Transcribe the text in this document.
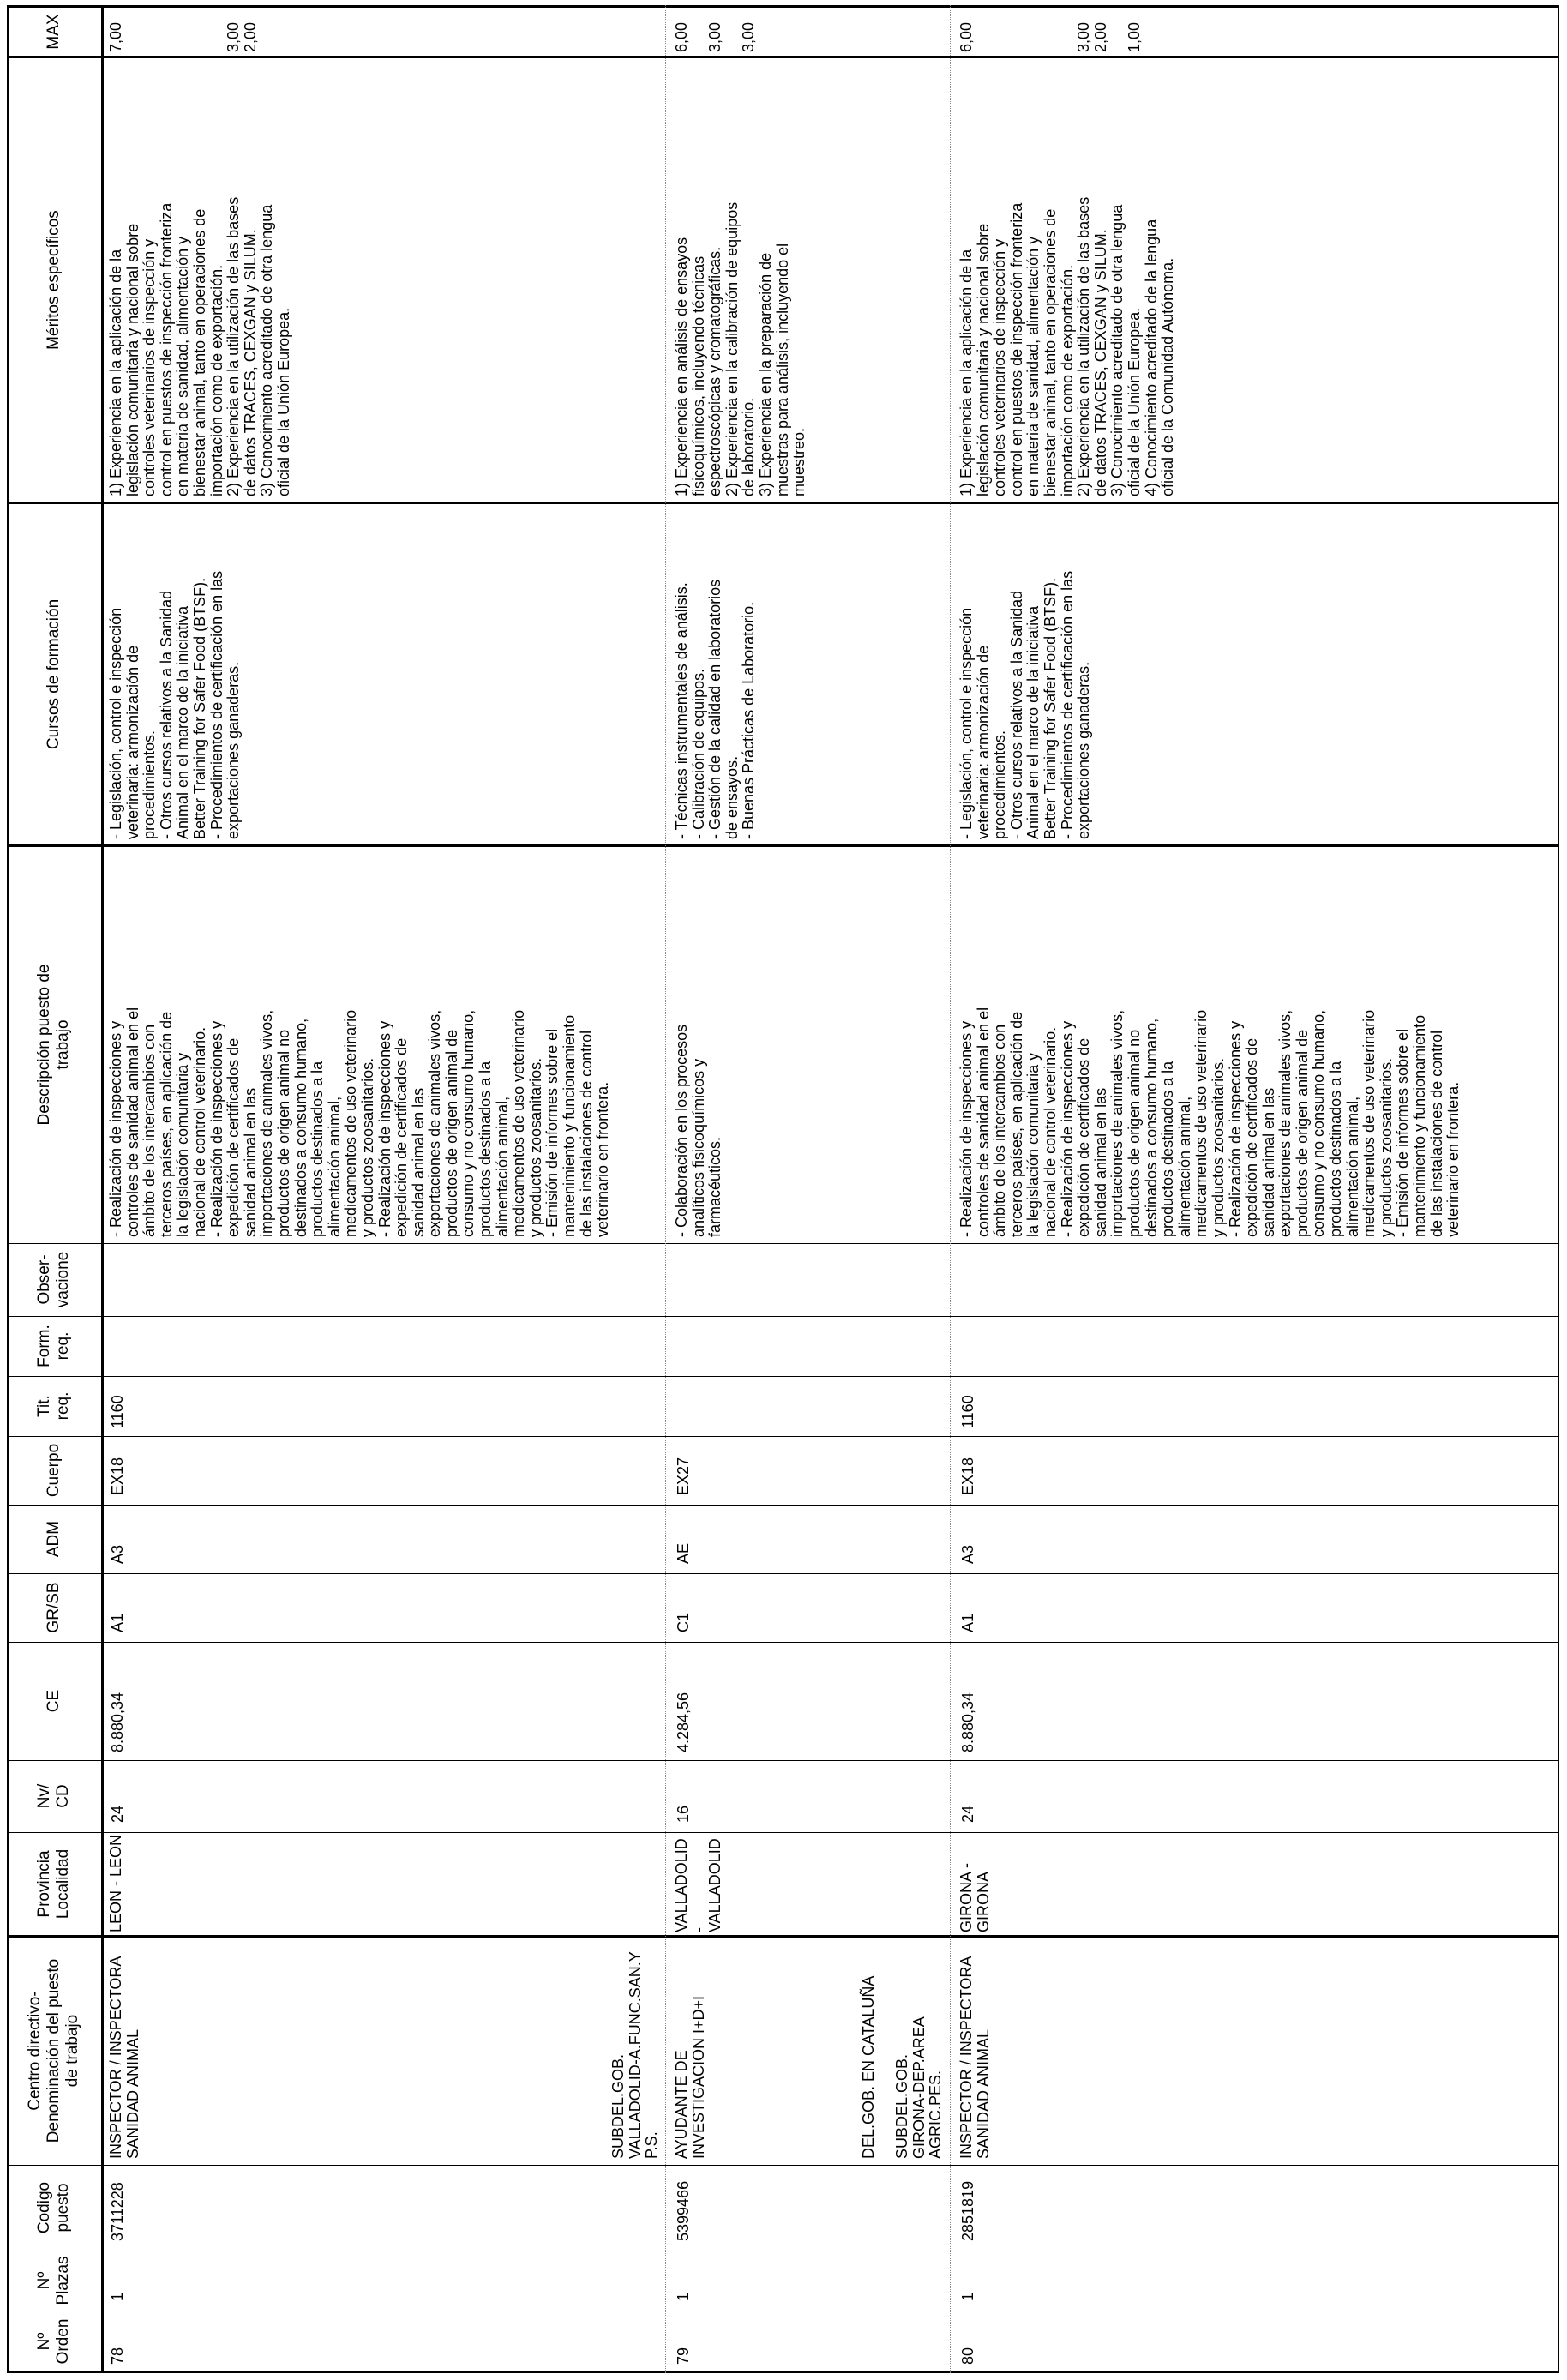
Nº
Orden
Nº
Plazas
Codigo
puesto
Centro directivo-
Denominación del puesto
de trabajo
Provincia
Localidad
Nv/
CD
CE
GR/SB
ADM
Cuerpo
Tit.
req.
Form.
req.
Obser-
vacione
Descripción puesto de
trabajo
Cursos de formación
Méritos específicos
MAX
78
1
3711228
INSPECTOR / INSPECTORA
SANIDAD ANIMAL
LEON - LEON
24
8.880,34
A1
A3
EX18
1160
- Realización de inspecciones y
controles de sanidad animal en el
ámbito de los intercambios con
terceros países, en aplicación de
la legislación comunitaria y
nacional de control veterinario.
- Realización de inspecciones y
expedición de certificados de
sanidad animal en las
importaciones de animales vivos,
productos de origen animal no
destinados a consumo humano,
productos destinados a la
alimentación animal,
medicamentos de uso veterinario
y productos zoosanitarios.
- Realización de inspecciones y
expedición de certificados de
sanidad animal en las
exportaciones de animales vivos,
productos de origen animal de
consumo y no consumo humano,
productos destinados a la
alimentación animal,
medicamentos de uso veterinario
y productos zoosanitarios.
- Emisión de informes sobre el
mantenimiento y funcionamiento
de las instalaciones de control
veterinario en frontera.
- Legislación, control e inspección
veterinaria: armonización de
procedimientos.
- Otros cursos relativos a la Sanidad
Animal en el marco de la iniciativa
Better Training for Safer Food (BTSF).
- Procedimientos de certificación en las
exportaciones ganaderas.
1) Experiencia en la aplicación de la
legislación comunitaria y nacional sobre
controles veterinarios de inspección y
control en puestos de inspección fronteriza
en materia de sanidad, alimentación y
bienestar animal, tanto en operaciones de
importación como de exportación.
2) Experiencia en la utilización de las bases
de datos TRACES, CEXGAN y SILUM.
3) Conocimiento acreditado de otra lengua
oficial de la Unión Europea.
7,00

3,00
2,00
SUBDEL.GOB.
VALLADOLID-A.FUNC.SAN.Y
P.S.
79
1
5399466
AYUDANTE DE
INVESTIGACION I+D+I
VALLADOLID -
VALLADOLID
16
4.284,56
C1
AE
EX27
- Colaboración en los procesos
analíticos fisicoquímicos y
farmacéuticos.
- Técnicas instrumentales de análisis.
- Calibración de equipos.
- Gestión de la calidad en laboratorios
de ensayos.
- Buenas Prácticas de Laboratorio.
1) Experiencia en análisis de ensayos
fisicoquímicos, incluyendo técnicas
espectroscópicas y cromatográficas.
2) Experiencia en la calibración de equipos
de laboratorio.
3) Experiencia en la preparación de
muestras para análisis, incluyendo el
muestreo.
6,00

3,00

3,00
DEL.GOB. EN CATALUÑA

SUBDEL.GOB.
GIRONA-DEP.AREA
AGRIC.PES.
80
1
2851819
INSPECTOR / INSPECTORA
SANIDAD ANIMAL
GIRONA -
GIRONA
24
8.880,34
A1
A3
EX18
1160
- Realización de inspecciones y
controles de sanidad animal en el
ámbito de los intercambios con
terceros países, en aplicación de
la legislación comunitaria y
nacional de control veterinario.
- Realización de inspecciones y
expedición de certificados de
sanidad animal en las
importaciones de animales vivos,
productos de origen animal no
destinados a consumo humano,
productos destinados a la
alimentación animal,
medicamentos de uso veterinario
y productos zoosanitarios.
- Realización de inspecciones y
expedición de certificados de
sanidad animal en las
exportaciones de animales vivos,
productos de origen animal de
consumo y no consumo humano,
productos destinados a la
alimentación animal,
medicamentos de uso veterinario
y productos zoosanitarios.
- Emisión de informes sobre el
mantenimiento y funcionamiento
de las instalaciones de control
veterinario en frontera.
- Legislación, control e inspección
veterinaria: armonización de
procedimientos.
- Otros cursos relativos a la Sanidad
Animal en el marco de la iniciativa
Better Training for Safer Food (BTSF).
- Procedimientos de certificación en las
exportaciones ganaderas.
1) Experiencia en la aplicación de la
legislación comunitaria y nacional sobre
controles veterinarios de inspección y
control en puestos de inspección fronteriza
en materia de sanidad, alimentación y
bienestar animal, tanto en operaciones de
importación como de exportación.
2) Experiencia en la utilización de las bases
de datos TRACES, CEXGAN y SILUM.
3) Conocimiento acreditado de otra lengua
oficial de la Unión Europea.
4) Conocimiento acreditado de la lengua
oficial de la Comunidad Autónoma.
6,00

3,00
2,00

1,00
